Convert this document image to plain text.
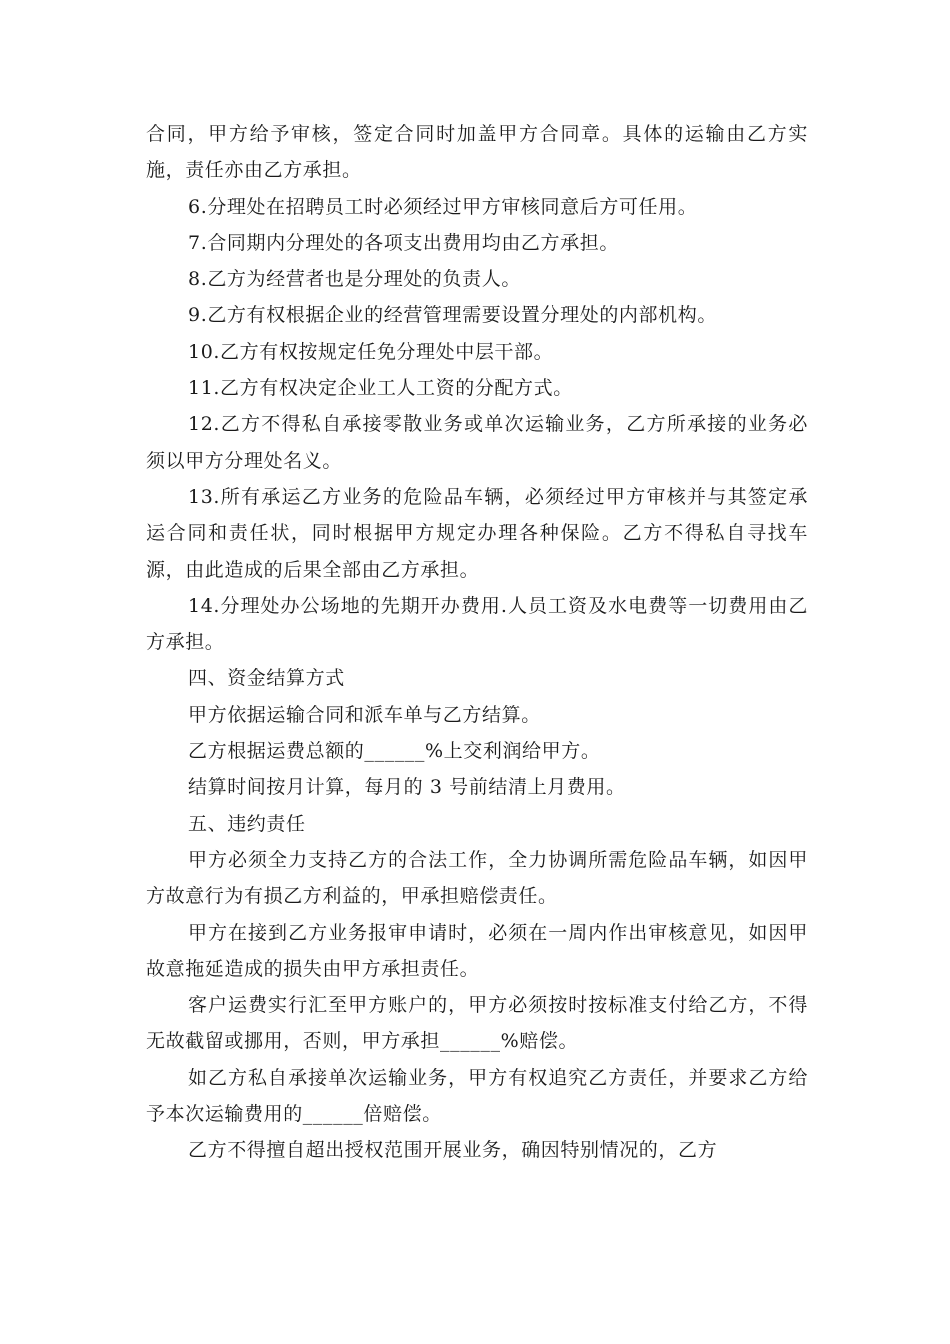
合同，甲方给予审核，签定合同时加盖甲方合同章。具体的运输由乙方实施，责任亦由乙方承担。

6.分理处在招聘员工时必须经过甲方审核同意后方可任用。

7.合同期内分理处的各项支出费用均由乙方承担。

8.乙方为经营者也是分理处的负责人。

9.乙方有权根据企业的经营管理需要设置分理处的内部机构。

10.乙方有权按规定任免分理处中层干部。

11.乙方有权决定企业工人工资的分配方式。

12.乙方不得私自承接零散业务或单次运输业务，乙方所承接的业务必须以甲方分理处名义。

13.所有承运乙方业务的危险品车辆，必须经过甲方审核并与其签定承运合同和责任状，同时根据甲方规定办理各种保险。乙方不得私自寻找车源，由此造成的后果全部由乙方承担。

14.分理处办公场地的先期开办费用.人员工资及水电费等一切费用由乙方承担。

四、资金结算方式

甲方依据运输合同和派车单与乙方结算。

乙方根据运费总额的______%上交利润给甲方。

结算时间按月计算，每月的 3 号前结清上月费用。

五、违约责任

甲方必须全力支持乙方的合法工作，全力协调所需危险品车辆，如因甲方故意行为有损乙方利益的，甲承担赔偿责任。

甲方在接到乙方业务报审申请时，必须在一周内作出审核意见，如因甲故意拖延造成的损失由甲方承担责任。

客户运费实行汇至甲方账户的，甲方必须按时按标准支付给乙方，不得无故截留或挪用，否则，甲方承担______%赔偿。

如乙方私自承接单次运输业务，甲方有权追究乙方责任，并要求乙方给予本次运输费用的______倍赔偿。

乙方不得擅自超出授权范围开展业务，确因特别情况的，乙方
